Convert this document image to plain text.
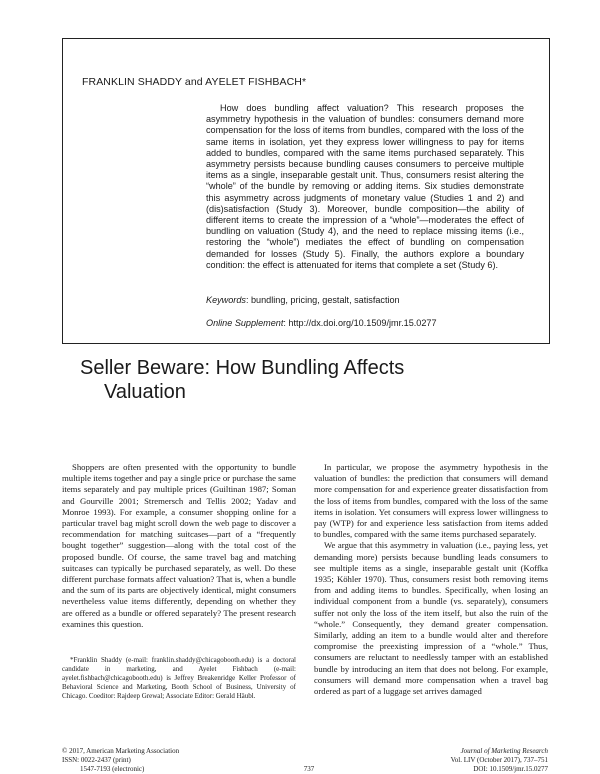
FRANKLIN SHADDY and AYELET FISHBACH*

How does bundling affect valuation? This research proposes the asymmetry hypothesis in the valuation of bundles: consumers demand more compensation for the loss of items from bundles, compared with the loss of the same items in isolation, yet they express lower willingness to pay for items added to bundles, compared with the same items purchased separately. This asymmetry persists because bundling causes consumers to perceive multiple items as a single, inseparable gestalt unit. Thus, consumers resist altering the “whole” of the bundle by removing or adding items. Six studies demonstrate this asymmetry across judgments of monetary value (Studies 1 and 2) and (dis)satisfaction (Study 3). Moreover, bundle composition—the ability of different items to create the impression of a “whole”—moderates the effect of bundling on valuation (Study 4), and the need to replace missing items (i.e., restoring the “whole”) mediates the effect of bundling on compensation demanded for losses (Study 5). Finally, the authors explore a boundary condition: the effect is attenuated for items that complete a set (Study 6).

Keywords: bundling, pricing, gestalt, satisfaction
Online Supplement: http://dx.doi.org/10.1509/jmr.15.0277
Seller Beware: How Bundling Affects
Valuation

Shoppers are often presented with the opportunity to bundle multiple items together and pay a single price or purchase the same items separately and pay multiple prices (Guiltinan 1987; Soman and Gourville 2001; Stremersch and Tellis 2002; Yadav and Monroe 1993). For example, a consumer shopping online for a particular travel bag might scroll down the web page to discover a recommendation for matching suitcases—part of a “frequently bought together” suggestion—along with the total cost of the proposed bundle. Of course, the same travel bag and matching suitcases can typically be purchased separately, as well. Do these different purchase formats affect valuation? That is, when a bundle and the sum of its parts are objectively identical, might consumers nevertheless value items differently, depending on whether they are offered as a bundle or offered separately? The present research examines this question.

*Franklin Shaddy (e-mail: franklin.shaddy@chicagobooth.edu) is a doctoral candidate in marketing, and Ayelet Fishbach (e-mail: ayelet.fishbach@chicagobooth.edu) is Jeffrey Breakenridge Keller Professor of Behavioral Science and Marketing, Booth School of Business, University of Chicago. Coeditor: Rajdeep Grewal; Associate Editor: Gerald Häubl.

In particular, we propose the asymmetry hypothesis in the valuation of bundles: the prediction that consumers will demand more compensation for and experience greater dissatisfaction from the loss of items from bundles, compared with the loss of the same items in isolation. Yet consumers will express lower willingness to pay (WTP) for and experience less satisfaction from items added to bundles, compared with the same items purchased separately.

We argue that this asymmetry in valuation (i.e., paying less, yet demanding more) persists because bundling leads consumers to see multiple items as a single, inseparable gestalt unit (Koffka 1935; Köhler 1970). Thus, consumers resist both removing items from and adding items to bundles. Specifically, when losing an individual component from a bundle (vs. separately), consumers suffer not only the loss of the item itself, but also the ruin of the “whole.” Consequently, they demand greater compensation. Similarly, adding an item to a bundle would alter and therefore compromise the preexisting impression of a “whole.” Thus, consumers are reluctant to needlessly tamper with an established bundle by introducing an item that does not belong. For example, consumers will demand more compensation when a travel bag ordered as part of a luggage set arrives damaged

© 2017, American Marketing Association
ISSN: 0022-2437 (print)
1547-7193 (electronic)	737
Journal of Marketing Research
Vol. LIV (October 2017), 737–751
DOI: 10.1509/jmr.15.0277
